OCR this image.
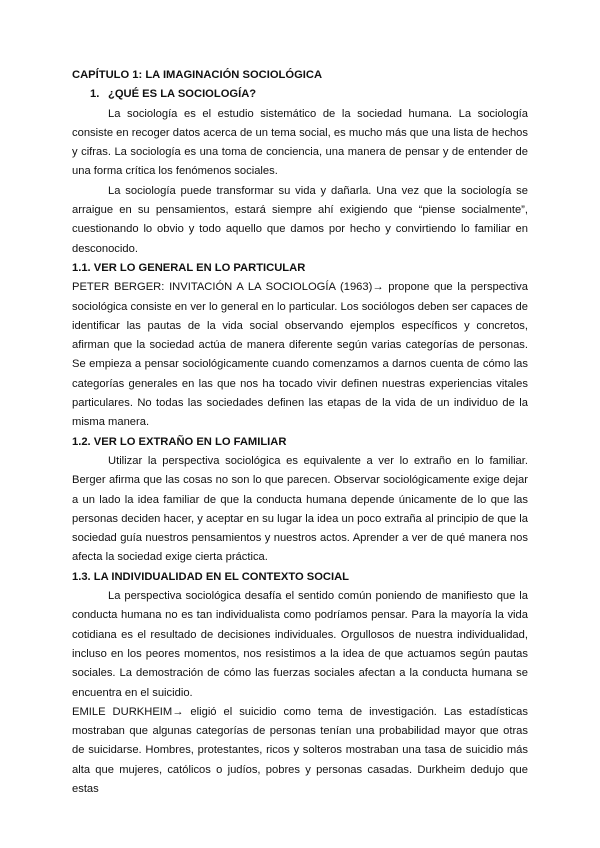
CAPÍTULO 1: LA IMAGINACIÓN SOCIOLÓGICA

1. ¿QUÉ ES LA SOCIOLOGÍA?

La sociología es el estudio sistemático de la sociedad humana. La sociología consiste en recoger datos acerca de un tema social, es mucho más que una lista de hechos y cifras. La sociología es una toma de conciencia, una manera de pensar y de entender de una forma crítica los fenómenos sociales.

La sociología puede transformar su vida y dañarla. Una vez que la sociología se arraigue en su pensamientos, estará siempre ahí exigiendo que “piense socialmente”, cuestionando lo obvio y todo aquello que damos por hecho y convirtiendo lo familiar en desconocido.

1.1. VER LO GENERAL EN LO PARTICULAR

PETER BERGER: INVITACIÓN A LA SOCIOLOGÍA (1963)→ propone que la perspectiva sociológica consiste en ver lo general en lo particular. Los sociólogos deben ser capaces de identificar las pautas de la vida social observando ejemplos específicos y concretos, afirman que la sociedad actúa de manera diferente según varias categorías de personas. Se empieza a pensar sociológicamente cuando comenzamos a darnos cuenta de cómo las categorías generales en las que nos ha tocado vivir definen nuestras experiencias vitales particulares. No todas las sociedades definen las etapas de la vida de un individuo de la misma manera.

1.2. VER LO EXTRAÑO EN LO FAMILIAR

Utilizar la perspectiva sociológica es equivalente a ver lo extraño en lo familiar. Berger afirma que las cosas no son lo que parecen. Observar sociológicamente exige dejar a un lado la idea familiar de que la conducta humana depende únicamente de lo que las personas deciden hacer, y aceptar en su lugar la idea un poco extraña al principio de que la sociedad guía nuestros pensamientos y nuestros actos. Aprender a ver de qué manera nos afecta la sociedad exige cierta práctica.

1.3. LA INDIVIDUALIDAD EN EL CONTEXTO SOCIAL

La perspectiva sociológica desafía el sentido común poniendo de manifiesto que la conducta humana no es tan individualista como podríamos pensar. Para la mayoría la vida cotidiana es el resultado de decisiones individuales. Orgullosos de nuestra individualidad, incluso en los peores momentos, nos resistimos a la idea de que actuamos según pautas sociales. La demostración de cómo las fuerzas sociales afectan a la conducta humana se encuentra en el suicidio.

EMILE DURKHEIM→ eligió el suicidio como tema de investigación. Las estadísticas mostraban que algunas categorías de personas tenían una probabilidad mayor que otras de suicidarse. Hombres, protestantes, ricos y solteros mostraban una tasa de suicidio más alta que mujeres, católicos o judíos, pobres y personas casadas. Durkheim dedujo que estas
